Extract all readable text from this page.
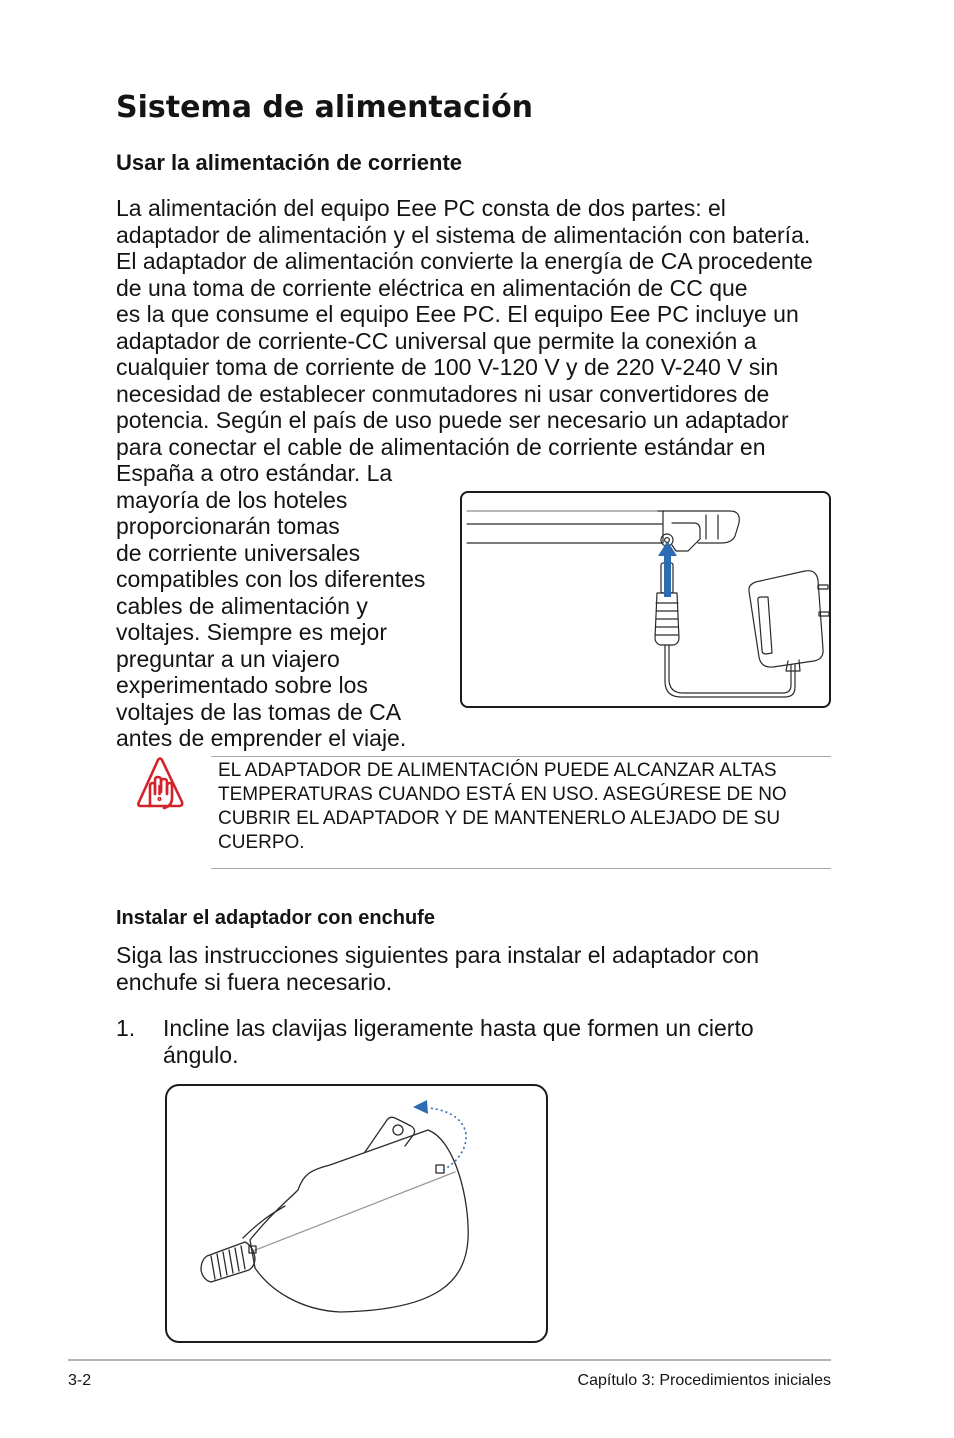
Sistema de alimentación
Usar la alimentación de corriente
La alimentación del equipo Eee PC consta de dos partes: el
adaptador de alimentación y el sistema de alimentación con batería.
El adaptador de alimentación convierte la energía de CA procedente
de una toma de corriente eléctrica en alimentación de CC que
es la que consume el equipo Eee PC. El equipo Eee PC incluye un
adaptador de corriente-CC universal que permite la conexión a
cualquier toma de corriente de 100 V-120 V y de 220 V-240 V sin
necesidad de establecer conmutadores ni usar convertidores de
potencia. Según el país de uso puede ser necesario un adaptador
para conectar el cable de alimentación de corriente estándar en
España a otro estándar. La
mayoría de los hoteles
proporcionarán tomas
de corriente universales
compatibles con los diferentes
cables de alimentación y
voltajes. Siempre es mejor
preguntar a un viajero
experimentado sobre los
voltajes de las tomas de CA
antes de emprender el viaje.
EL ADAPTADOR DE ALIMENTACIÓN PUEDE ALCANZAR ALTAS
TEMPERATURAS CUANDO ESTÁ EN USO. ASEGÚRESE DE NO
CUBRIR EL ADAPTADOR Y DE MANTENERLO ALEJADO DE SU
CUERPO.
Instalar el adaptador con enchufe
Siga las instrucciones siguientes para instalar el adaptador con
enchufe si fuera necesario.
1. Incline las clavijas ligeramente hasta que formen un cierto
ángulo.
3-2	Capítulo 3: Procedimientos iniciales
